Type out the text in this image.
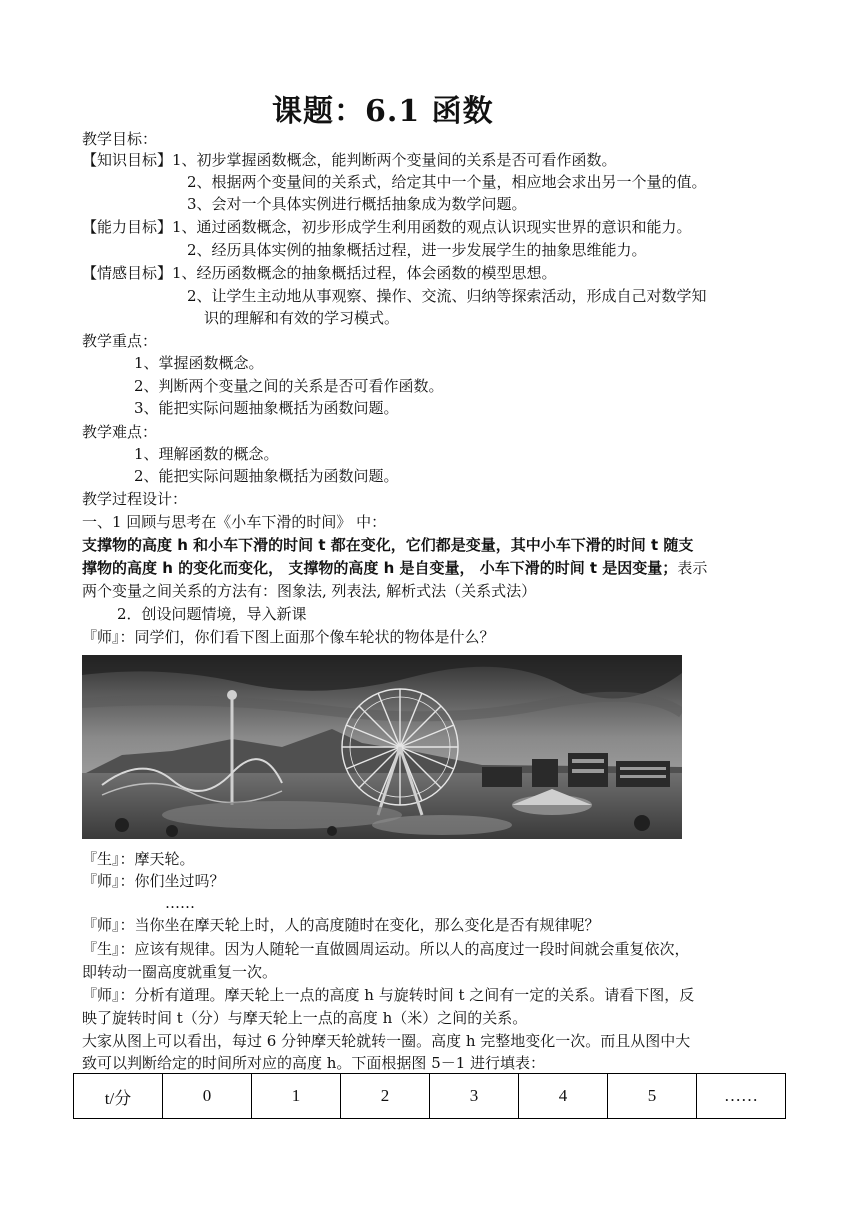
课题：6.1 函数
教学目标：
【知识目标】1、初步掌握函数概念，能判断两个变量间的关系是否可看作函数。
2、根据两个变量间的关系式，给定其中一个量，相应地会求出另一个量的值。
3、会对一个具体实例进行概括抽象成为数学问题。
【能力目标】1、通过函数概念，初步形成学生利用函数的观点认识现实世界的意识和能力。
2、经历具体实例的抽象概括过程，进一步发展学生的抽象思维能力。
【情感目标】1、经历函数概念的抽象概括过程，体会函数的模型思想。
2、让学生主动地从事观察、操作、交流、归纳等探索活动，形成自己对数学知
识的理解和有效的学习模式。
教学重点：
1、掌握函数概念。
2、判断两个变量之间的关系是否可看作函数。
3、能把实际问题抽象概括为函数问题。
教学难点：
1、理解函数的概念。
2、能把实际问题抽象概括为函数问题。
教学过程设计：
一、1 回顾与思考在《小车下滑的时间》 中：
支撑物的高度 h 和小车下滑的时间 t 都在变化，它们都是变量，其中小车下滑的时间 t 随支
撑物的高度 h 的变化而变化， 支撑物的高度 h 是自变量， 小车下滑的时间 t 是因变量；表示
两个变量之间关系的方法有：图象法, 列表法, 解析式法（关系式法）
2．创设问题情境，导入新课
『师』：同学们，你们看下图上面那个像车轮状的物体是什么？
『生』：摩天轮。
『师』：你们坐过吗？
……
『师』：当你坐在摩天轮上时，人的高度随时在变化，那么变化是否有规律呢？
『生』：应该有规律。因为人随轮一直做圆周运动。所以人的高度过一段时间就会重复依次，
即转动一圈高度就重复一次。
『师』：分析有道理。摩天轮上一点的高度 h 与旋转时间 t 之间有一定的关系。请看下图，反
映了旋转时间 t（分）与摩天轮上一点的高度 h（米）之间的关系。
大家从图上可以看出，每过 6 分钟摩天轮就转一圈。高度 h 完整地变化一次。而且从图中大
致可以判断给定的时间所对应的高度 h。下面根据图 5－1 进行填表：
t/分	0	1	2	3	4	5	……
